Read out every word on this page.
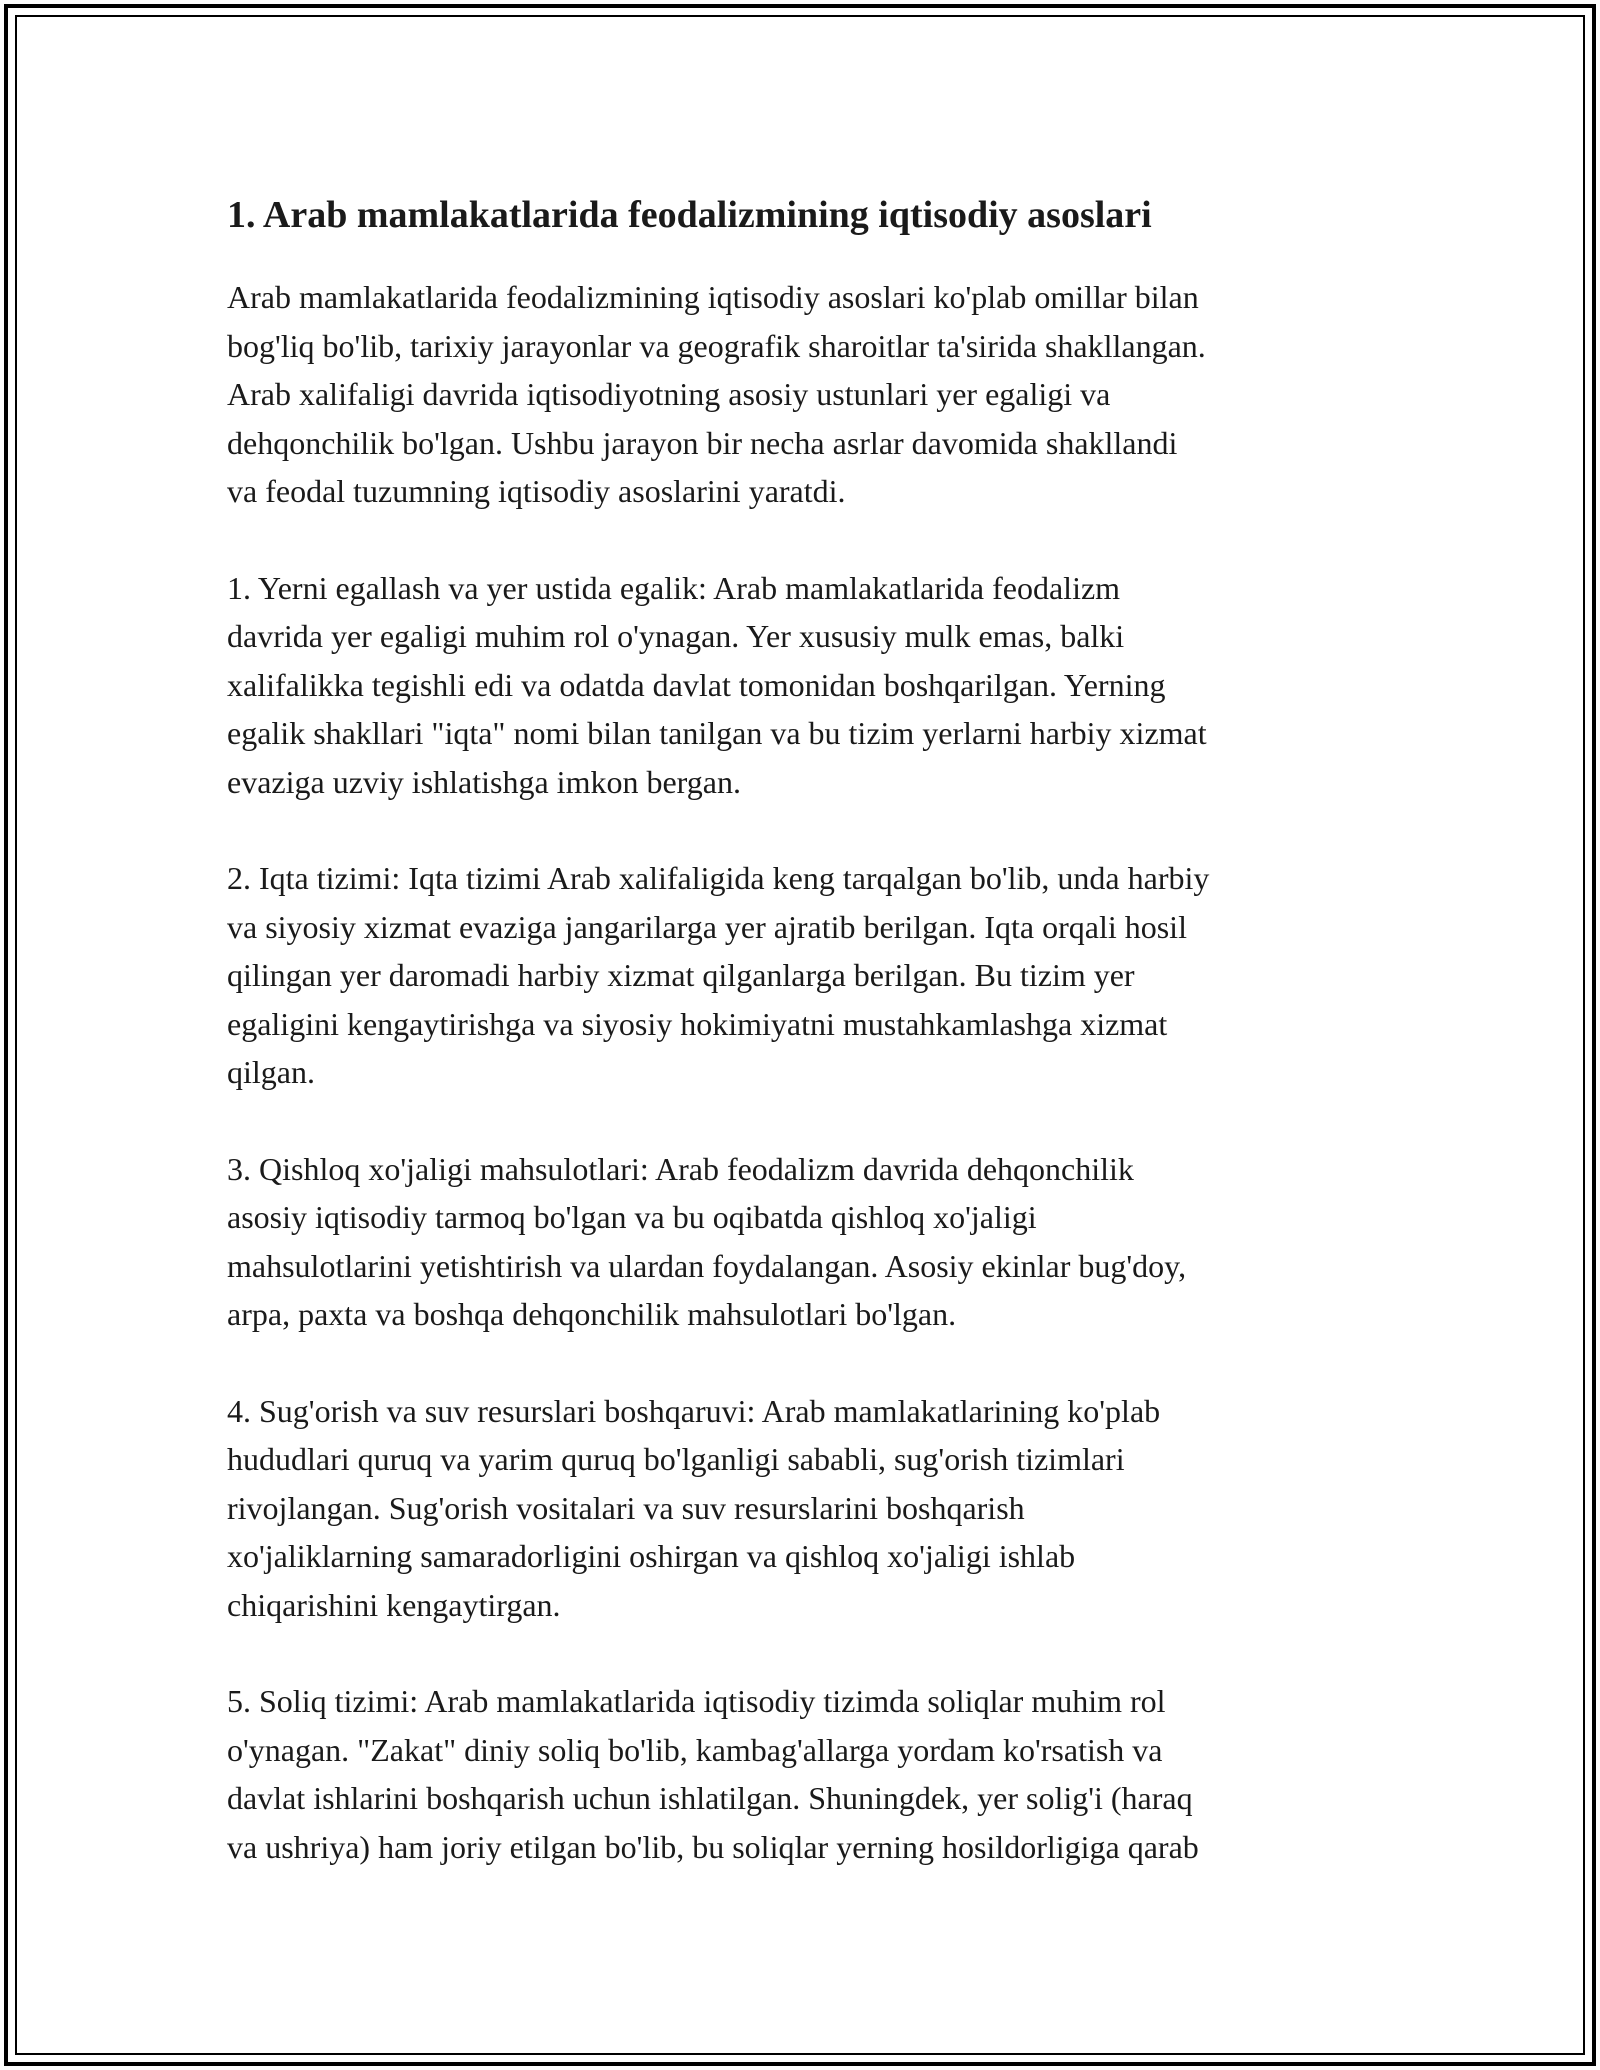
1. Arab mamlakatlarida feodalizmining iqtisodiy asoslari
Arab mamlakatlarida feodalizmining iqtisodiy asoslari ko'plab omillar bilan
bog'liq bo'lib, tarixiy jarayonlar va geografik sharoitlar ta'sirida shakllangan.
Arab xalifaligi davrida iqtisodiyotning asosiy ustunlari yer egaligi va
dehqonchilik bo'lgan. Ushbu jarayon bir necha asrlar davomida shakllandi
va feodal tuzumning iqtisodiy asoslarini yaratdi.
1. Yerni egallash va yer ustida egalik: Arab mamlakatlarida feodalizm
davrida yer egaligi muhim rol o'ynagan. Yer xususiy mulk emas, balki
xalifalikka tegishli edi va odatda davlat tomonidan boshqarilgan. Yerning
egalik shakllari "iqta" nomi bilan tanilgan va bu tizim yerlarni harbiy xizmat
evaziga uzviy ishlatishga imkon bergan.
2. Iqta tizimi: Iqta tizimi Arab xalifaligida keng tarqalgan bo'lib, unda harbiy
va siyosiy xizmat evaziga jangarilarga yer ajratib berilgan. Iqta orqali hosil
qilingan yer daromadi harbiy xizmat qilganlarga berilgan. Bu tizim yer
egaligini kengaytirishga va siyosiy hokimiyatni mustahkamlashga xizmat
qilgan.
3. Qishloq xo'jaligi mahsulotlari: Arab feodalizm davrida dehqonchilik
asosiy iqtisodiy tarmoq bo'lgan va bu oqibatda qishloq xo'jaligi
mahsulotlarini yetishtirish va ulardan foydalangan. Asosiy ekinlar bug'doy,
arpa, paxta va boshqa dehqonchilik mahsulotlari bo'lgan.
4. Sug'orish va suv resurslari boshqaruvi: Arab mamlakatlarining ko'plab
hududlari quruq va yarim quruq bo'lganligi sababli, sug'orish tizimlari
rivojlangan. Sug'orish vositalari va suv resurslarini boshqarish
xo'jaliklarning samaradorligini oshirgan va qishloq xo'jaligi ishlab
chiqarishini kengaytirgan.
5. Soliq tizimi: Arab mamlakatlarida iqtisodiy tizimda soliqlar muhim rol
o'ynagan. "Zakat" diniy soliq bo'lib, kambag'allarga yordam ko'rsatish va
davlat ishlarini boshqarish uchun ishlatilgan. Shuningdek, yer solig'i (haraq
va ushriya) ham joriy etilgan bo'lib, bu soliqlar yerning hosildorligiga qarab
